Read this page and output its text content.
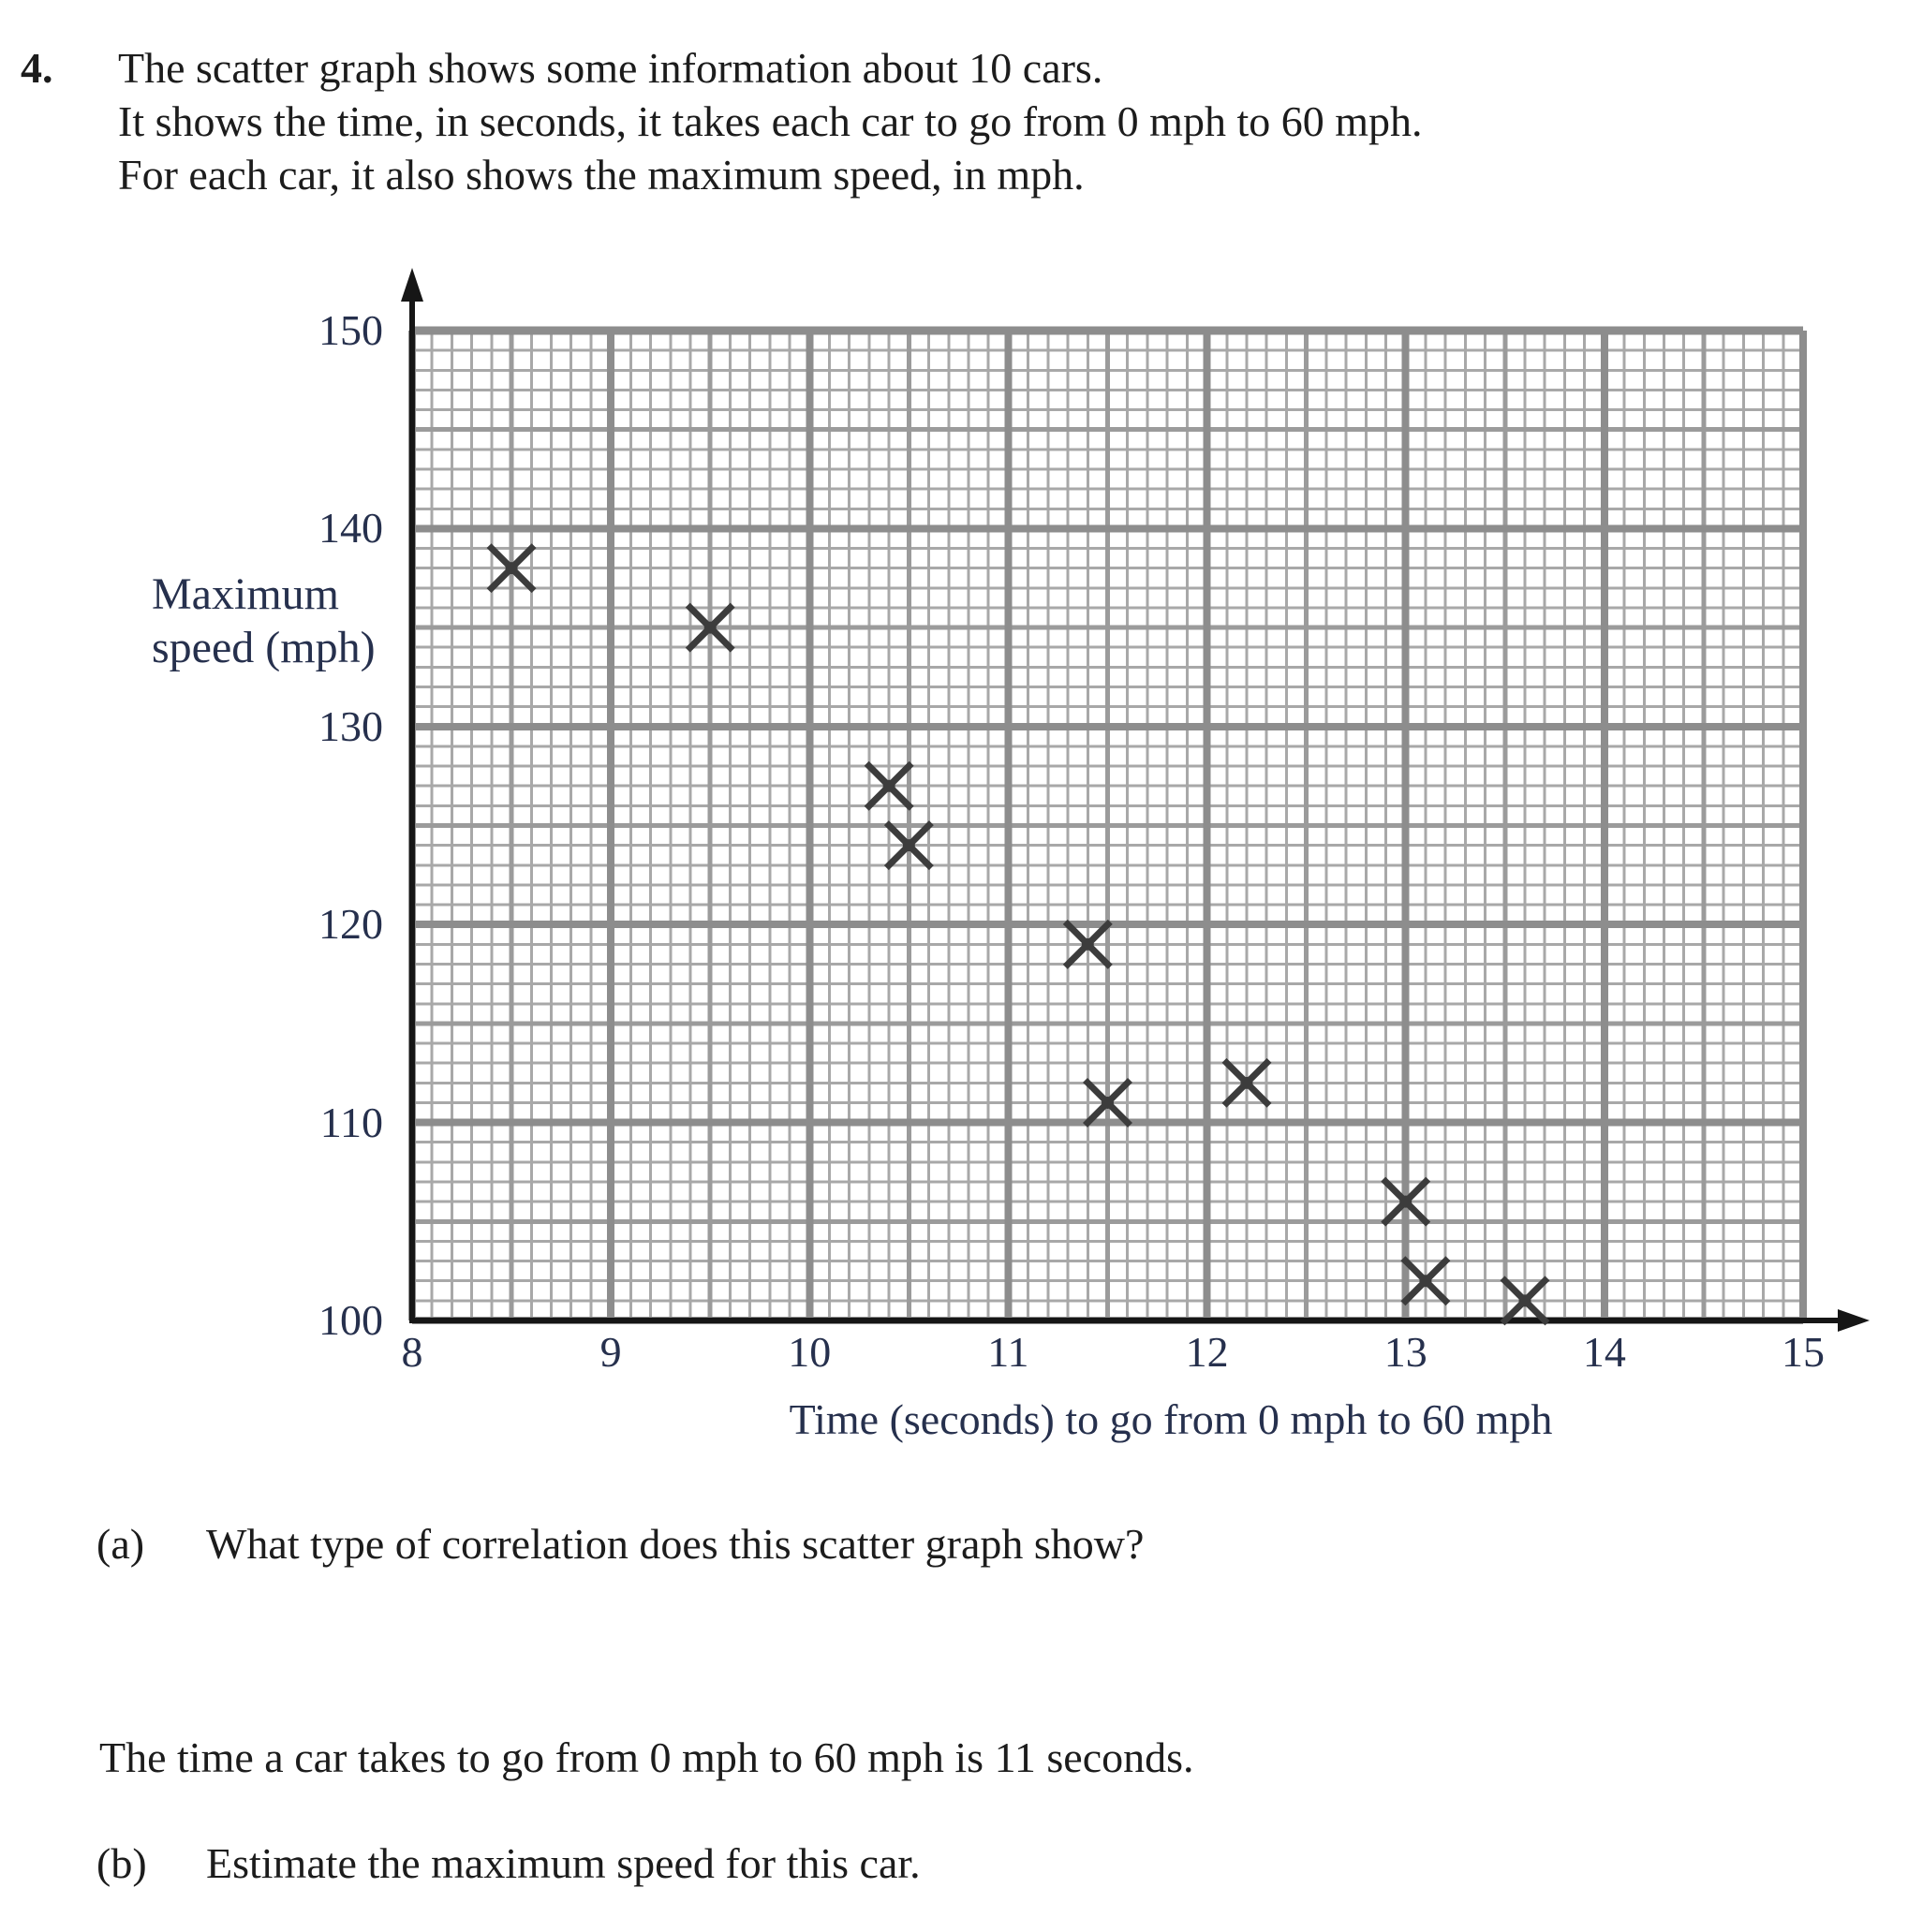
4. The scatter graph shows some information about 10 cars.
It shows the time, in seconds, it takes each car to go from 0 mph to 60 mph.
For each car, it also shows the maximum speed, in mph.
Maximum
speed (mph)
150
140
130
120
110
100
8	9	10	11	12	13	14	15
Time (seconds) to go from 0 mph to 60 mph
(a) What type of correlation does this scatter graph show?
The time a car takes to go from 0 mph to 60 mph is 11 seconds.
(b) Estimate the maximum speed for this car.
